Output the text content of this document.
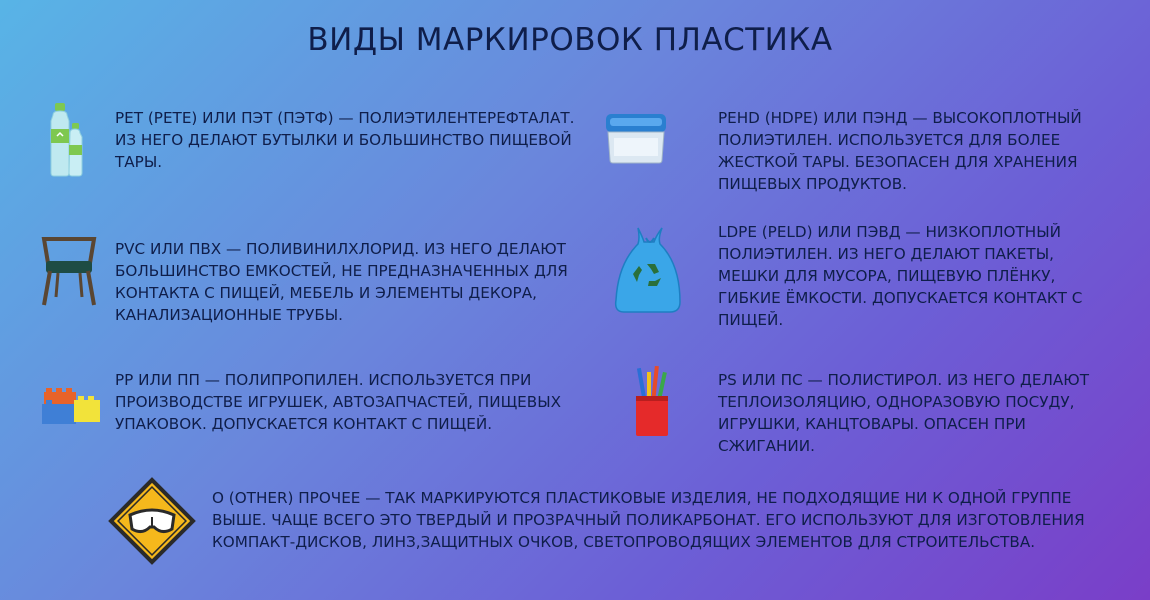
ВИДЫ МАРКИРОВОК ПЛАСТИКА
PET (PETE) ИЛИ ПЭТ (ПЭТФ) — ПОЛИЭТИЛЕНТЕРЕФТАЛАТ. ИЗ НЕГО ДЕЛАЮТ БУТЫЛКИ И БОЛЬШИНСТВО ПИЩЕВОЙ ТАРЫ.
PEHD (HDPE) ИЛИ ПЭНД — ВЫСОКОПЛОТНЫЙ ПОЛИЭТИЛЕН. ИСПОЛЬЗУЕТСЯ ДЛЯ БОЛЕЕ ЖЕСТКОЙ ТАРЫ. БЕЗОПАСЕН ДЛЯ ХРАНЕНИЯ ПИЩЕВЫХ ПРОДУКТОВ.
PVC ИЛИ ПВХ — ПОЛИВИНИЛХЛОРИД. ИЗ НЕГО ДЕЛАЮТ БОЛЬШИНСТВО ЕМКОСТЕЙ, НЕ ПРЕДНАЗНАЧЕННЫХ ДЛЯ КОНТАКТА С ПИЩЕЙ, МЕБЕЛЬ И ЭЛЕМЕНТЫ ДЕКОРА, КАНАЛИЗАЦИОННЫЕ ТРУБЫ.
LDPE (PELD) ИЛИ ПЭВД — НИЗКОПЛОТНЫЙ ПОЛИЭТИЛЕН. ИЗ НЕГО ДЕЛАЮТ ПАКЕТЫ, МЕШКИ ДЛЯ МУСОРА, ПИЩЕВУЮ ПЛЁНКУ, ГИБКИЕ ЁМКОСТИ. ДОПУСКАЕТСЯ КОНТАКТ С ПИЩЕЙ.
PP ИЛИ ПП — ПОЛИПРОПИЛЕН. ИСПОЛЬЗУЕТСЯ ПРИ ПРОИЗВОДСТВЕ ИГРУШЕК, АВТОЗАПЧАСТЕЙ, ПИЩЕВЫХ УПАКОВОК. ДОПУСКАЕТСЯ КОНТАКТ С ПИЩЕЙ.
PS ИЛИ ПС — ПОЛИСТИРОЛ. ИЗ НЕГО ДЕЛАЮТ ТЕПЛОИЗОЛЯЦИЮ, ОДНОРАЗОВУЮ ПОСУДУ, ИГРУШКИ, КАНЦТОВАРЫ. ОПАСЕН ПРИ СЖИГАНИИ.
O (OTHER) ПРОЧЕЕ — ТАК МАРКИРУЮТСЯ ПЛАСТИКОВЫЕ ИЗДЕЛИЯ, НЕ ПОДХОДЯЩИЕ НИ К ОДНОЙ ГРУППЕ ВЫШЕ. ЧАЩЕ ВСЕГО ЭТО ТВЕРДЫЙ И ПРОЗРАЧНЫЙ ПОЛИКАРБОНАТ. ЕГО ИСПОЛЬЗУЮТ ДЛЯ ИЗГОТОВЛЕНИЯ КОМПАКТ-ДИСКОВ, ЛИНЗ,ЗАЩИТНЫХ ОЧКОВ, СВЕТОПРОВОДЯЩИХ ЭЛЕМЕНТОВ ДЛЯ СТРОИТЕЛЬСТВА.
